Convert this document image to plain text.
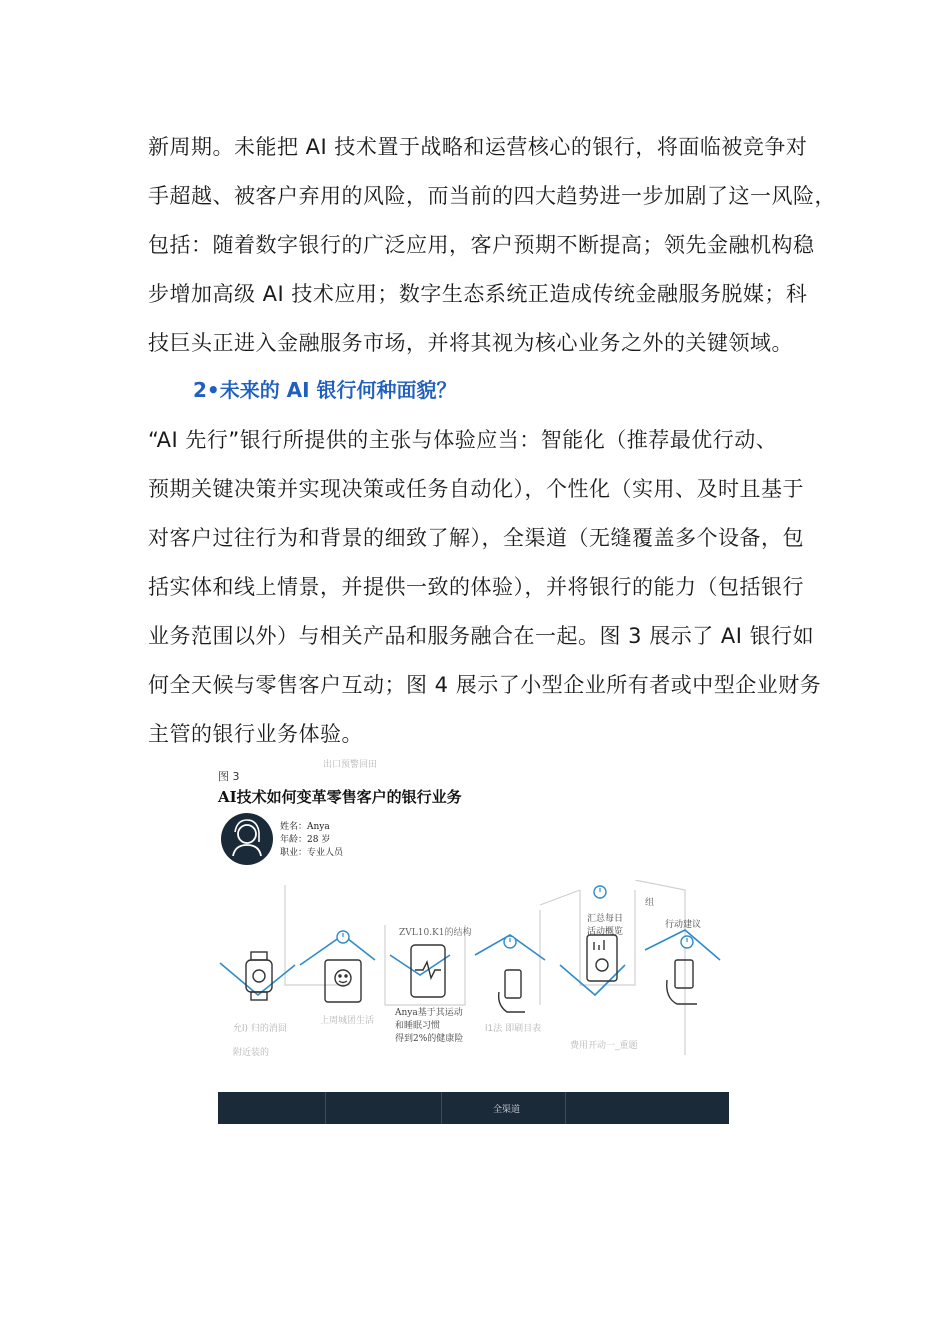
新周期。未能把 AI 技术置于战略和运营核心的银行，将面临被竞争对
手超越、被客户弃用的风险，而当前的四大趋势进一步加剧了这一风险，
包括：随着数字银行的广泛应用，客户预期不断提高；领先金融机构稳
步增加高级 AI 技术应用；数字生态系统正造成传统金融服务脱媒；科
技巨头正进入金融服务市场，并将其视为核心业务之外的关键领域。
2•未来的 AI 银行何种面貌？
“AI 先行”银行所提供的主张与体验应当：智能化（推荐最优行动、
预期关键决策并实现决策或任务自动化），个性化（实用、及时且基于
对客户过往行为和背景的细致了解），全渠道（无缝覆盖多个设备，包
括实体和线上情景，并提供一致的体验），并将银行的能力（包括银行
业务范围以外）与相关产品和服务融合在一起。图 3 展示了 AI 银行如
何全天候与零售客户互动；图 4 展示了小型企业所有者或中型企业财务
主管的银行业务体验。
出口预警回田
图 3
AI技术如何变革零售客户的银行业务
姓名：Anya
年龄：28 岁
职业：专业人员
ZVL10.K1的结构
Anya基于其运动
和睡眠习惯
得到2%的健康险
汇总每日
活动概览
行动建议
组
允l) 归的消囧
附近装的
上周城团生活
l1法 即刷目表
费用开动一_重题
全渠道
